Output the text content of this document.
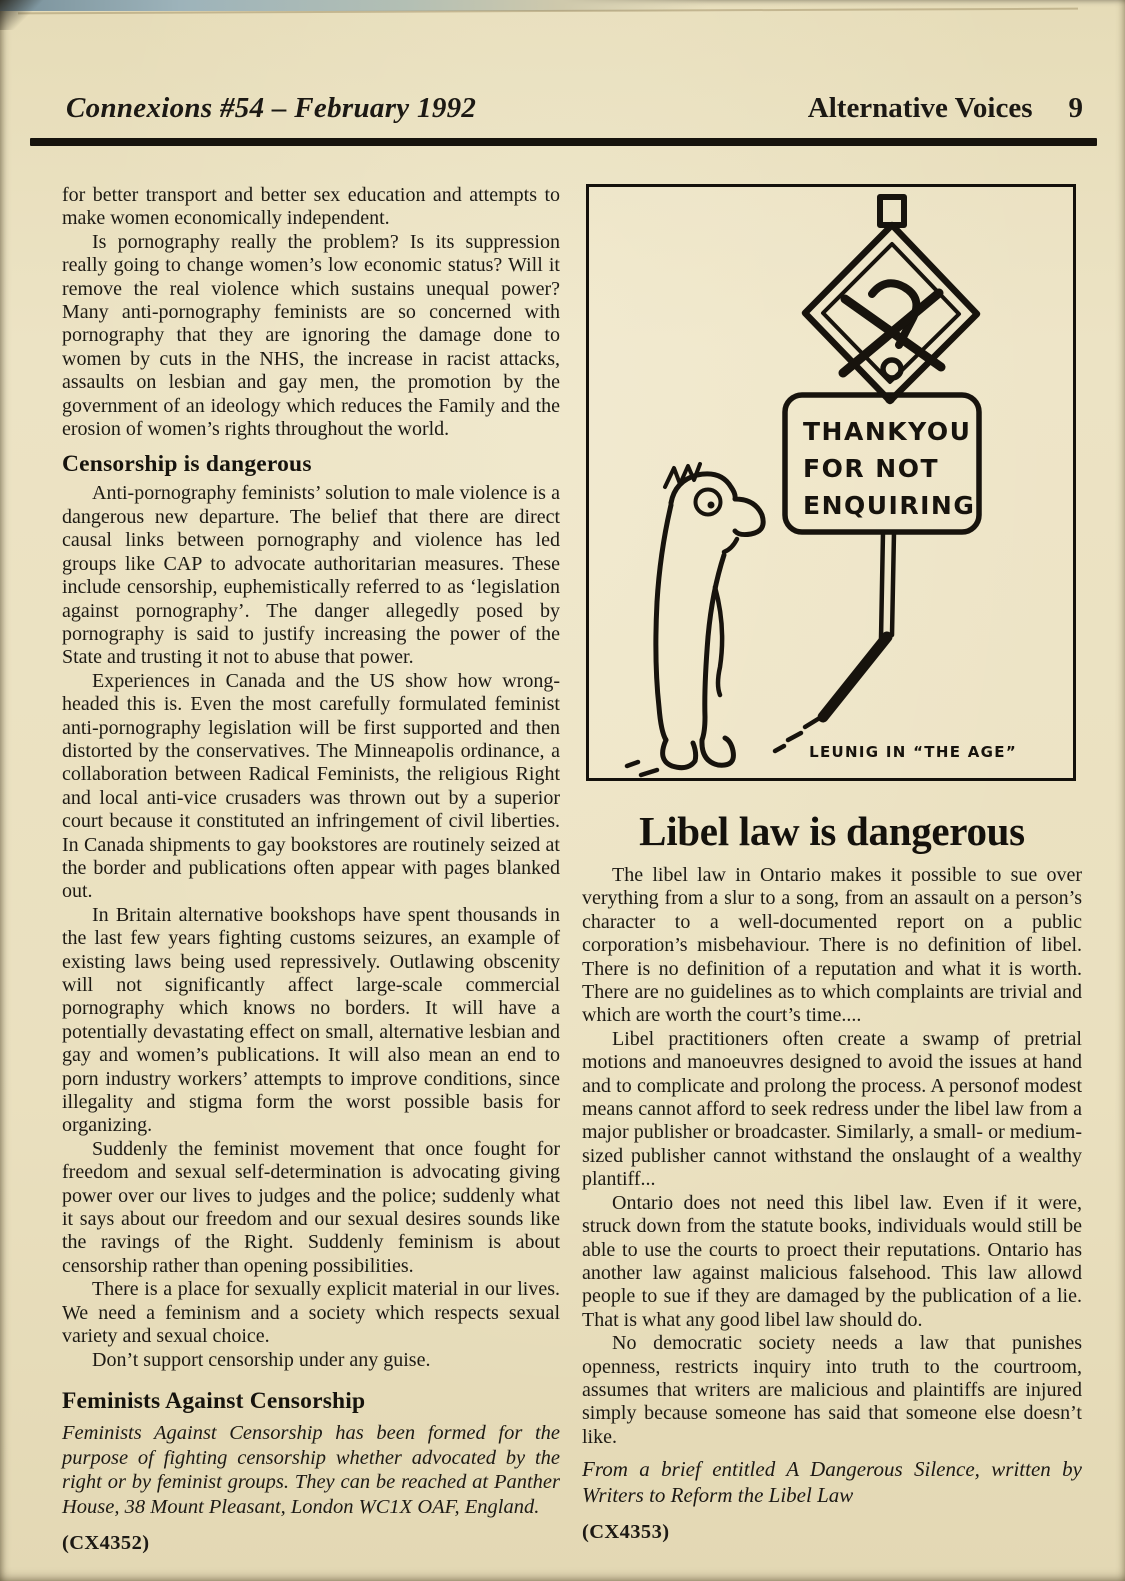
Connexions #54 – February 1992	Alternative Voices 9

for better transport and better sex education and attempts to make women economically independent.

Is pornography really the problem? Is its suppression really going to change women’s low economic status? Will it remove the real violence which sustains unequal power? Many anti-pornography feminists are so concerned with pornography that they are ignoring the damage done to women by cuts in the NHS, the increase in racist attacks, assaults on lesbian and gay men, the promotion by the government of an ideology which reduces the Family and the erosion of women’s rights throughout the world.

Censorship is dangerous

Anti-pornography feminists’ solution to male violence is a dangerous new departure. The belief that there are direct causal links between pornography and violence has led groups like CAP to advocate authoritarian measures. These include censorship, euphemistically referred to as ‘legislation against pornography’. The danger allegedly posed by pornography is said to justify increasing the power of the State and trusting it not to abuse that power.

Experiences in Canada and the US show how wrong-headed this is. Even the most carefully formulated feminist anti-pornography legislation will be first supported and then distorted by the conservatives. The Minneapolis ordinance, a collaboration between Radical Feminists, the religious Right and local anti-vice crusaders was thrown out by a superior court because it constituted an infringement of civil liberties. In Canada shipments to gay bookstores are routinely seized at the border and publications often appear with pages blanked out.

In Britain alternative bookshops have spent thousands in the last few years fighting customs seizures, an example of existing laws being used repressively. Outlawing obscenity will not significantly affect large-scale commercial pornography which knows no borders. It will have a potentially devastating effect on small, alternative lesbian and gay and women’s publications. It will also mean an end to porn industry workers’ attempts to improve conditions, since illegality and stigma form the worst possible basis for organizing.

Suddenly the feminist movement that once fought for freedom and sexual self-determination is advocating giving power over our lives to judges and the police; suddenly what it says about our freedom and our sexual desires sounds like the ravings of the Right. Suddenly feminism is about censorship rather than opening possibilities.

There is a place for sexually explicit material in our lives. We need a feminism and a society which respects sexual variety and sexual choice.

Don’t support censorship under any guise.

Feminists Against Censorship

Feminists Against Censorship has been formed for the purpose of fighting censorship whether advocated by the right or by feminist groups. They can be reached at Panther House, 38 Mount Pleasant, London WC1X OAF, England.

(CX4352)

THANKYOU
FOR NOT
ENQUIRING
LEUNIG IN “THE AGE”
Libel law is dangerous

The libel law in Ontario makes it possible to sue over verything from a slur to a song, from an assault on a person’s character to a well-documented report on a public corporation’s misbehaviour. There is no definition of libel. There is no definition of a reputation and what it is worth. There are no guidelines as to which complaints are trivial and which are worth the court’s time....

Libel practitioners often create a swamp of pretrial motions and manoeuvres designed to avoid the issues at hand and to complicate and prolong the process. A personof modest means cannot afford to seek redress under the libel law from a major publisher or broadcaster. Similarly, a small- or medium-sized publisher cannot withstand the onslaught of a wealthy plantiff...

Ontario does not need this libel law. Even if it were, struck down from the statute books, individuals would still be able to use the courts to proect their reputations. Ontario has another law against malicious falsehood. This law allowd people to sue if they are damaged by the publication of a lie. That is what any good libel law should do.

No democratic society needs a law that punishes openness, restricts inquiry into truth to the courtroom, assumes that writers are malicious and plaintiffs are injured simply because someone has said that someone else doesn’t like.

From a brief entitled A Dangerous Silence, written by Writers to Reform the Libel Law

(CX4353)
